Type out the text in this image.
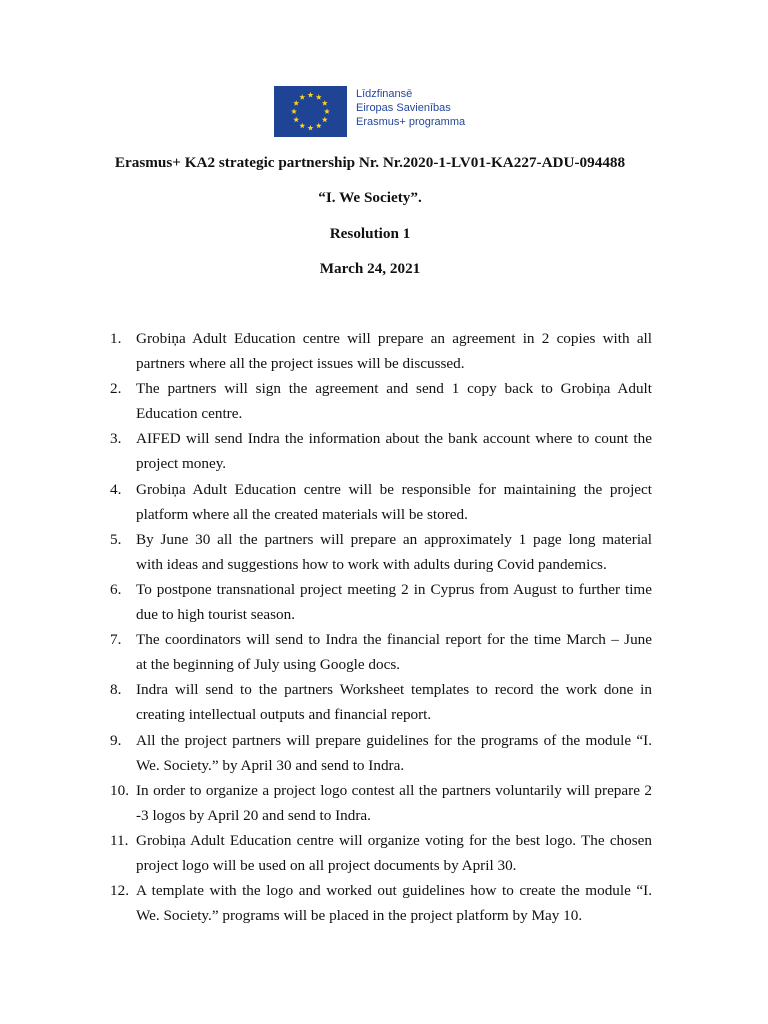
Līdzfinansē
Eiropas Savienības
Erasmus+ programma
Erasmus+ KA2 strategic partnership Nr. Nr.2020-1-LV01-KA227-ADU-094488
“I. We Society”.
Resolution 1
March 24, 2021
1. Grobiņa Adult Education centre will prepare an agreement in 2 copies with all
partners where all the project issues will be discussed.
2. The partners will sign the agreement and send 1 copy back to Grobiņa Adult
Education centre.
3. AIFED will send Indra the information about the bank account where to count the
project money.
4. Grobiņa Adult Education centre will be responsible for maintaining the project
platform where all the created materials will be stored.
5. By June 30 all the partners will prepare an approximately 1 page long material
with ideas and suggestions how to work with adults during Covid pandemics.
6. To postpone transnational project meeting 2 in Cyprus from August to further time
due to high tourist season.
7. The coordinators will send to Indra the financial report for the time March – June
at the beginning of July using Google docs.
8. Indra will send to the partners Worksheet templates to record the work done in
creating intellectual outputs and financial report.
9. All the project partners will prepare guidelines for the programs of the module “I.
We. Society.” by April 30 and send to Indra.
10. In order to organize a project logo contest all the partners voluntarily will prepare 2
-3 logos by April 20 and send to Indra.
11. Grobiņa Adult Education centre will organize voting for the best logo. The chosen
project logo will be used on all project documents by April 30.
12. A template with the logo and worked out guidelines how to create the module “I.
We. Society.” programs will be placed in the project platform by May 10.
